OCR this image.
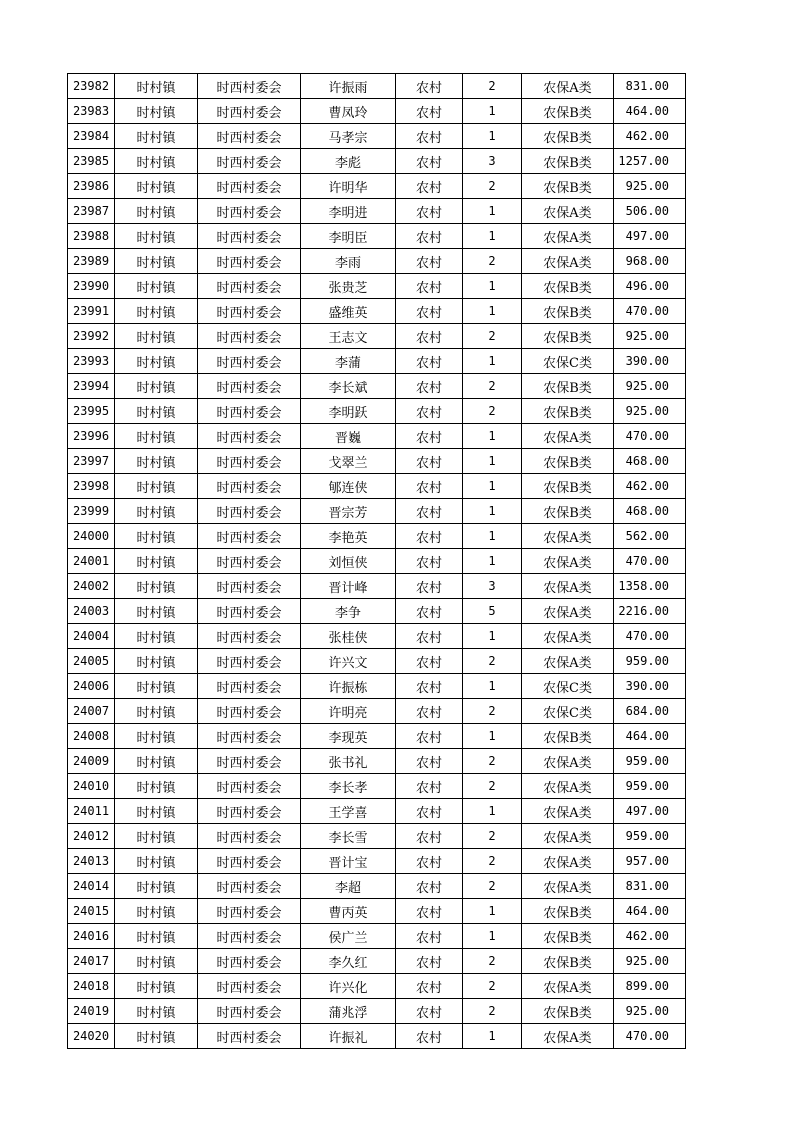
23982	时村镇	时西村委会	许振雨	农村	2	农保A类	831.00
23983	时村镇	时西村委会	曹凤玲	农村	1	农保B类	464.00
23984	时村镇	时西村委会	马孝宗	农村	1	农保B类	462.00
23985	时村镇	时西村委会	李彪	农村	3	农保B类	1257.00
23986	时村镇	时西村委会	许明华	农村	2	农保B类	925.00
23987	时村镇	时西村委会	李明进	农村	1	农保A类	506.00
23988	时村镇	时西村委会	李明臣	农村	1	农保A类	497.00
23989	时村镇	时西村委会	李雨	农村	2	农保A类	968.00
23990	时村镇	时西村委会	张贵芝	农村	1	农保B类	496.00
23991	时村镇	时西村委会	盛维英	农村	1	农保B类	470.00
23992	时村镇	时西村委会	王志文	农村	2	农保B类	925.00
23993	时村镇	时西村委会	李蒲	农村	1	农保C类	390.00
23994	时村镇	时西村委会	李长斌	农村	2	农保B类	925.00
23995	时村镇	时西村委会	李明跃	农村	2	农保B类	925.00
23996	时村镇	时西村委会	晋巍	农村	1	农保A类	470.00
23997	时村镇	时西村委会	戈翠兰	农村	1	农保B类	468.00
23998	时村镇	时西村委会	郇连侠	农村	1	农保B类	462.00
23999	时村镇	时西村委会	晋宗芳	农村	1	农保B类	468.00
24000	时村镇	时西村委会	李艳英	农村	1	农保A类	562.00
24001	时村镇	时西村委会	刘恒侠	农村	1	农保A类	470.00
24002	时村镇	时西村委会	晋计峰	农村	3	农保A类	1358.00
24003	时村镇	时西村委会	李争	农村	5	农保A类	2216.00
24004	时村镇	时西村委会	张桂侠	农村	1	农保A类	470.00
24005	时村镇	时西村委会	许兴文	农村	2	农保A类	959.00
24006	时村镇	时西村委会	许振栋	农村	1	农保C类	390.00
24007	时村镇	时西村委会	许明亮	农村	2	农保C类	684.00
24008	时村镇	时西村委会	李现英	农村	1	农保B类	464.00
24009	时村镇	时西村委会	张书礼	农村	2	农保A类	959.00
24010	时村镇	时西村委会	李长孝	农村	2	农保A类	959.00
24011	时村镇	时西村委会	王学喜	农村	1	农保A类	497.00
24012	时村镇	时西村委会	李长雪	农村	2	农保A类	959.00
24013	时村镇	时西村委会	晋计宝	农村	2	农保A类	957.00
24014	时村镇	时西村委会	李超	农村	2	农保A类	831.00
24015	时村镇	时西村委会	曹丙英	农村	1	农保B类	464.00
24016	时村镇	时西村委会	侯广兰	农村	1	农保B类	462.00
24017	时村镇	时西村委会	李久红	农村	2	农保B类	925.00
24018	时村镇	时西村委会	许兴化	农村	2	农保A类	899.00
24019	时村镇	时西村委会	蒲兆浮	农村	2	农保B类	925.00
24020	时村镇	时西村委会	许振礼	农村	1	农保A类	470.00
